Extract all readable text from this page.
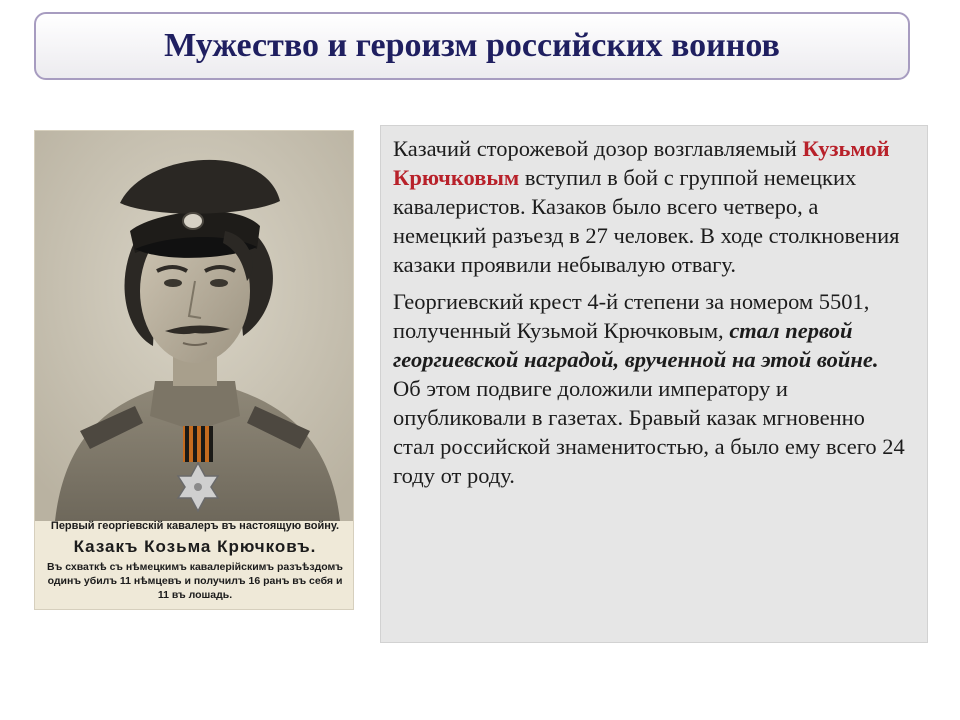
Мужество и героизм российских воинов
Первый георгіевскій кавалеръ въ настоящую войну.
Казакъ Козьма Крючковъ.
Въ схваткѣ съ нѣмецкимъ кавалерійскимъ разъѣздомъ одинъ убилъ 11 нѣмцевъ и получилъ 16 ранъ въ себя и 11 въ лошадь.

Казачий сторожевой дозор возглавляемый Кузьмой Крючковым вступил в бой с группой немецких кавалеристов. Казаков было всего четверо, а немецкий разъезд в 27 человек. В ходе столкновения казаки проявили небывалую отвагу.

Георгиевский крест 4-й степени за номером 5501, полученный Кузьмой Крючковым, стал первой георгиевской наградой, врученной на этой войне. Об этом подвиге доложили императору и опубликовали в газетах. Бравый казак мгновенно стал российской знаменитостью, а было ему всего 24 году от роду.
